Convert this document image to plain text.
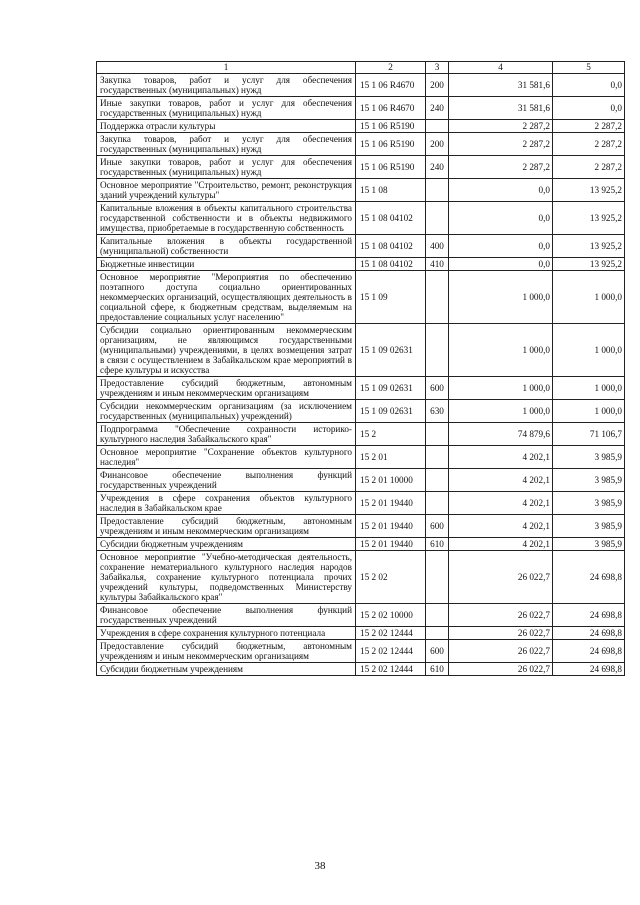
1	2	3	4	5
Закупка товаров, работ и услуг для обеспечения государственных (муниципальных) нужд	15 1 06 R4670	200	31 581,6	0,0
Иные закупки товаров, работ и услуг для обеспечения государственных (муниципальных) нужд	15 1 06 R4670	240	31 581,6	0,0
Поддержка отрасли культуры	15 1 06 R5190		2 287,2	2 287,2
Закупка товаров, работ и услуг для обеспечения государственных (муниципальных) нужд	15 1 06 R5190	200	2 287,2	2 287,2
Иные закупки товаров, работ и услуг для обеспечения государственных (муниципальных) нужд	15 1 06 R5190	240	2 287,2	2 287,2
Основное мероприятие "Строительство, ремонт, реконструкция зданий учреждений культуры"	15 1 08		0,0	13 925,2
Капитальные вложения в объекты капитального строительства государственной собственности и в объекты недвижимого имущества, приобретаемые в государственную собственность	15 1 08 04102		0,0	13 925,2
Капитальные вложения в объекты государственной (муниципальной) собственности	15 1 08 04102	400	0,0	13 925,2
Бюджетные инвестиции	15 1 08 04102	410	0,0	13 925,2
Основное мероприятие "Мероприятия по обеспечению поэтапного доступа социально ориентированных некоммерческих организаций, осуществляющих деятельность в социальной сфере, к бюджетным средствам, выделяемым на предоставление социальных услуг населению"	15 1 09		1 000,0	1 000,0
Субсидии социально ориентированным некоммерческим организациям, не являющимся государственными (муниципальными) учреждениями, в целях возмещения затрат в связи с осуществлением в Забайкальском крае мероприятий в сфере культуры и искусства	15 1 09 02631		1 000,0	1 000,0
Предоставление субсидий бюджетным, автономным учреждениям и иным некоммерческим организациям	15 1 09 02631	600	1 000,0	1 000,0
Субсидии некоммерческим организациям (за исключением государственных (муниципальных) учреждений)	15 1 09 02631	630	1 000,0	1 000,0
Подпрограмма "Обеспечение сохранности историко-культурного наследия Забайкальского края"	15 2		74 879,6	71 106,7
Основное мероприятие "Сохранение объектов культурного наследия"	15 2 01		4 202,1	3 985,9
Финансовое обеспечение выполнения функций государственных учреждений	15 2 01 10000		4 202,1	3 985,9
Учреждения в сфере сохранения объектов культурного наследия в Забайкальском крае	15 2 01 19440		4 202,1	3 985,9
Предоставление субсидий бюджетным, автономным учреждениям и иным некоммерческим организациям	15 2 01 19440	600	4 202,1	3 985,9
Субсидии бюджетным учреждениям	15 2 01 19440	610	4 202,1	3 985,9
Основное мероприятие "Учебно-методическая деятельность, сохранение нематериального культурного наследия народов Забайкалья, сохранение культурного потенциала прочих учреждений культуры, подведомственных Министерству культуры Забайкальского края"	15 2 02		26 022,7	24 698,8
Финансовое обеспечение выполнения функций государственных учреждений	15 2 02 10000		26 022,7	24 698,8
Учреждения в сфере сохранения культурного потенциала	15 2 02 12444		26 022,7	24 698,8
Предоставление субсидий бюджетным, автономным учреждениям и иным некоммерческим организациям	15 2 02 12444	600	26 022,7	24 698,8
Субсидии бюджетным учреждениям	15 2 02 12444	610	26 022,7	24 698,8
38
